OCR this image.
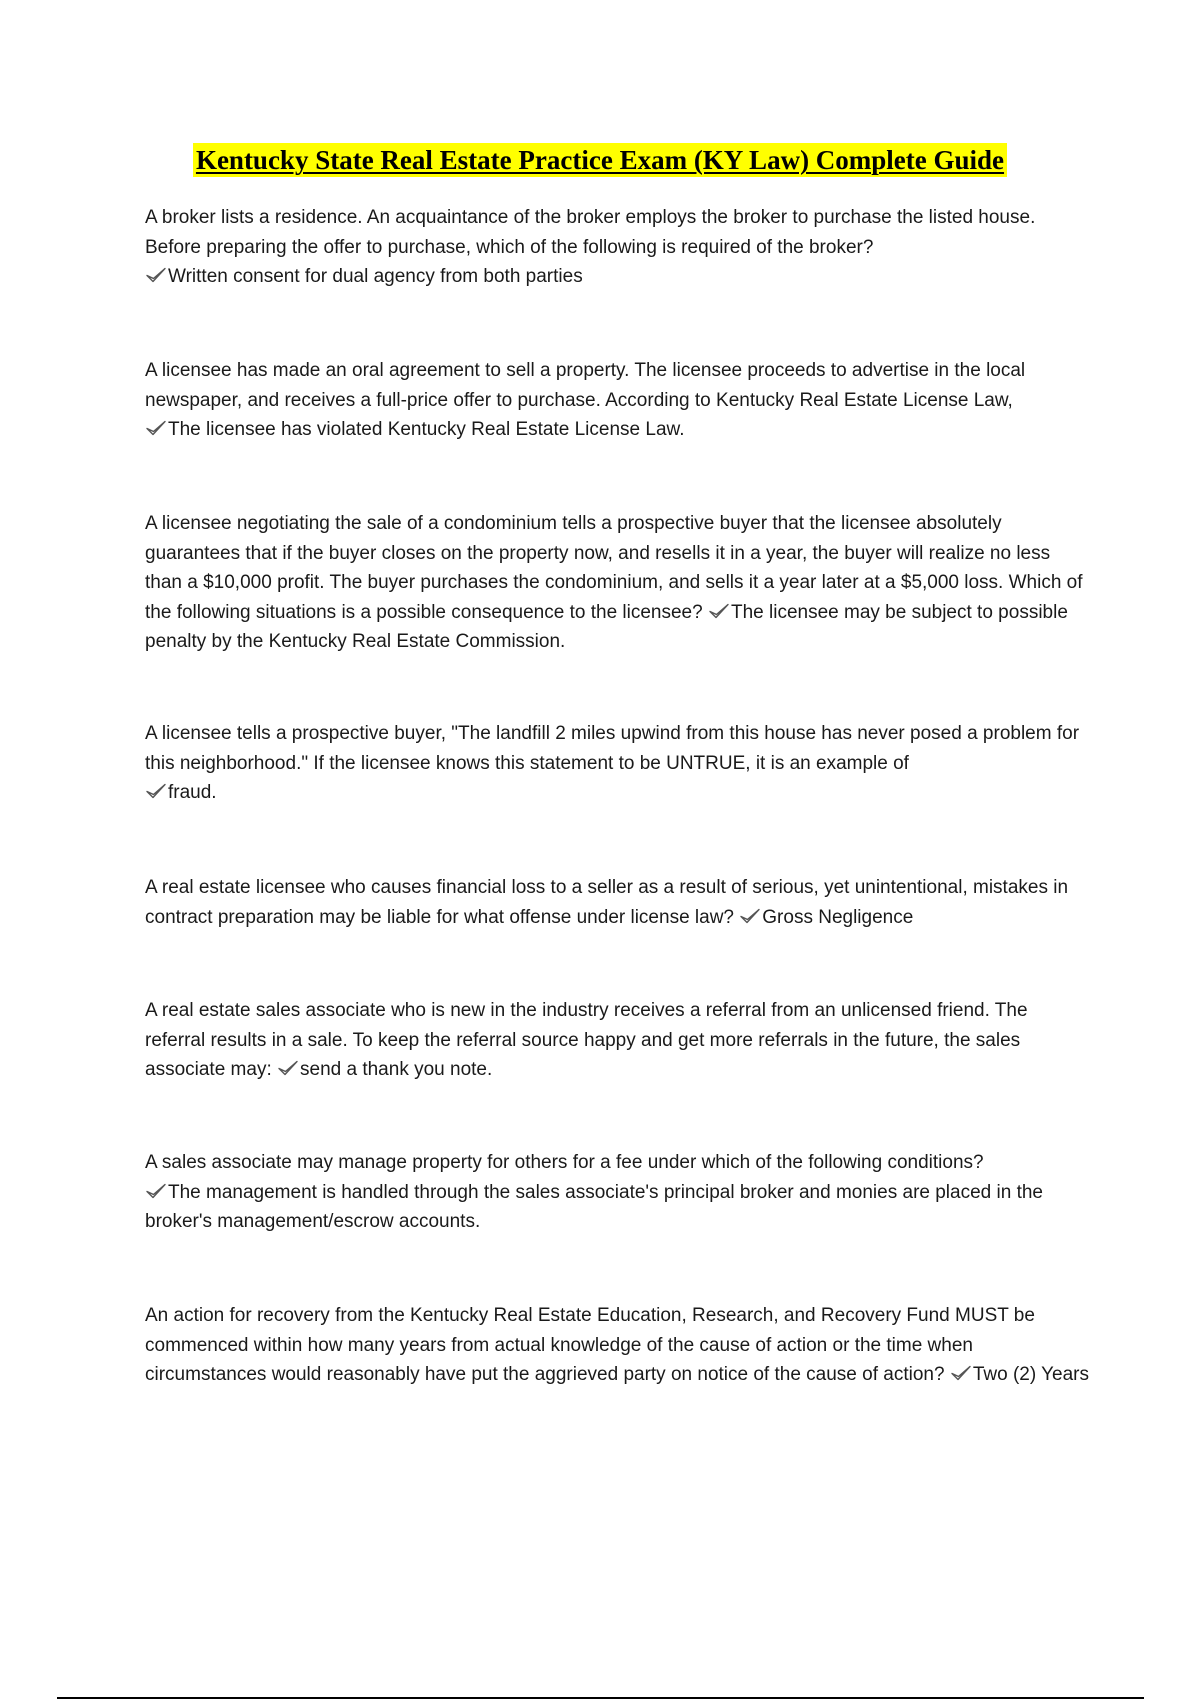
Kentucky State Real Estate Practice Exam (KY Law) Complete Guide
A broker lists a residence. An acquaintance of the broker employs the broker to purchase the listed house. Before preparing the offer to purchase, which of the following is required of the broker?

Written consent for dual agency from both parties
A licensee has made an oral agreement to sell a property. The licensee proceeds to advertise in the local newspaper, and receives a full-price offer to purchase. According to Kentucky Real Estate License Law,

The licensee has violated Kentucky Real Estate License Law.
A licensee negotiating the sale of a condominium tells a prospective buyer that the licensee absolutely guarantees that if the buyer closes on the property now, and resells it in a year, the buyer will realize no less than a $10,000 profit. The buyer purchases the condominium, and sells it a year later at a $5,000 loss. Which of the following situations is a possible consequence to the licensee? The licensee may be subject to possible penalty by the Kentucky Real Estate Commission.
A licensee tells a prospective buyer, "The landfill 2 miles upwind from this house has never posed a problem for this neighborhood." If the licensee knows this statement to be UNTRUE, it is an example of

fraud.
A real estate licensee who causes financial loss to a seller as a result of serious, yet unintentional, mistakes in contract preparation may be liable for what offense under license law? Gross Negligence
A real estate sales associate who is new in the industry receives a referral from an unlicensed friend. The referral results in a sale. To keep the referral source happy and get more referrals in the future, the sales associate may: send a thank you note.
A sales associate may manage property for others for a fee under which of the following conditions?

The management is handled through the sales associate's principal broker and monies are placed in the broker's management/escrow accounts.
An action for recovery from the Kentucky Real Estate Education, Research, and Recovery Fund MUST be commenced within how many years from actual knowledge of the cause of action or the time when circumstances would reasonably have put the aggrieved party on notice of the cause of action? Two (2) Years
